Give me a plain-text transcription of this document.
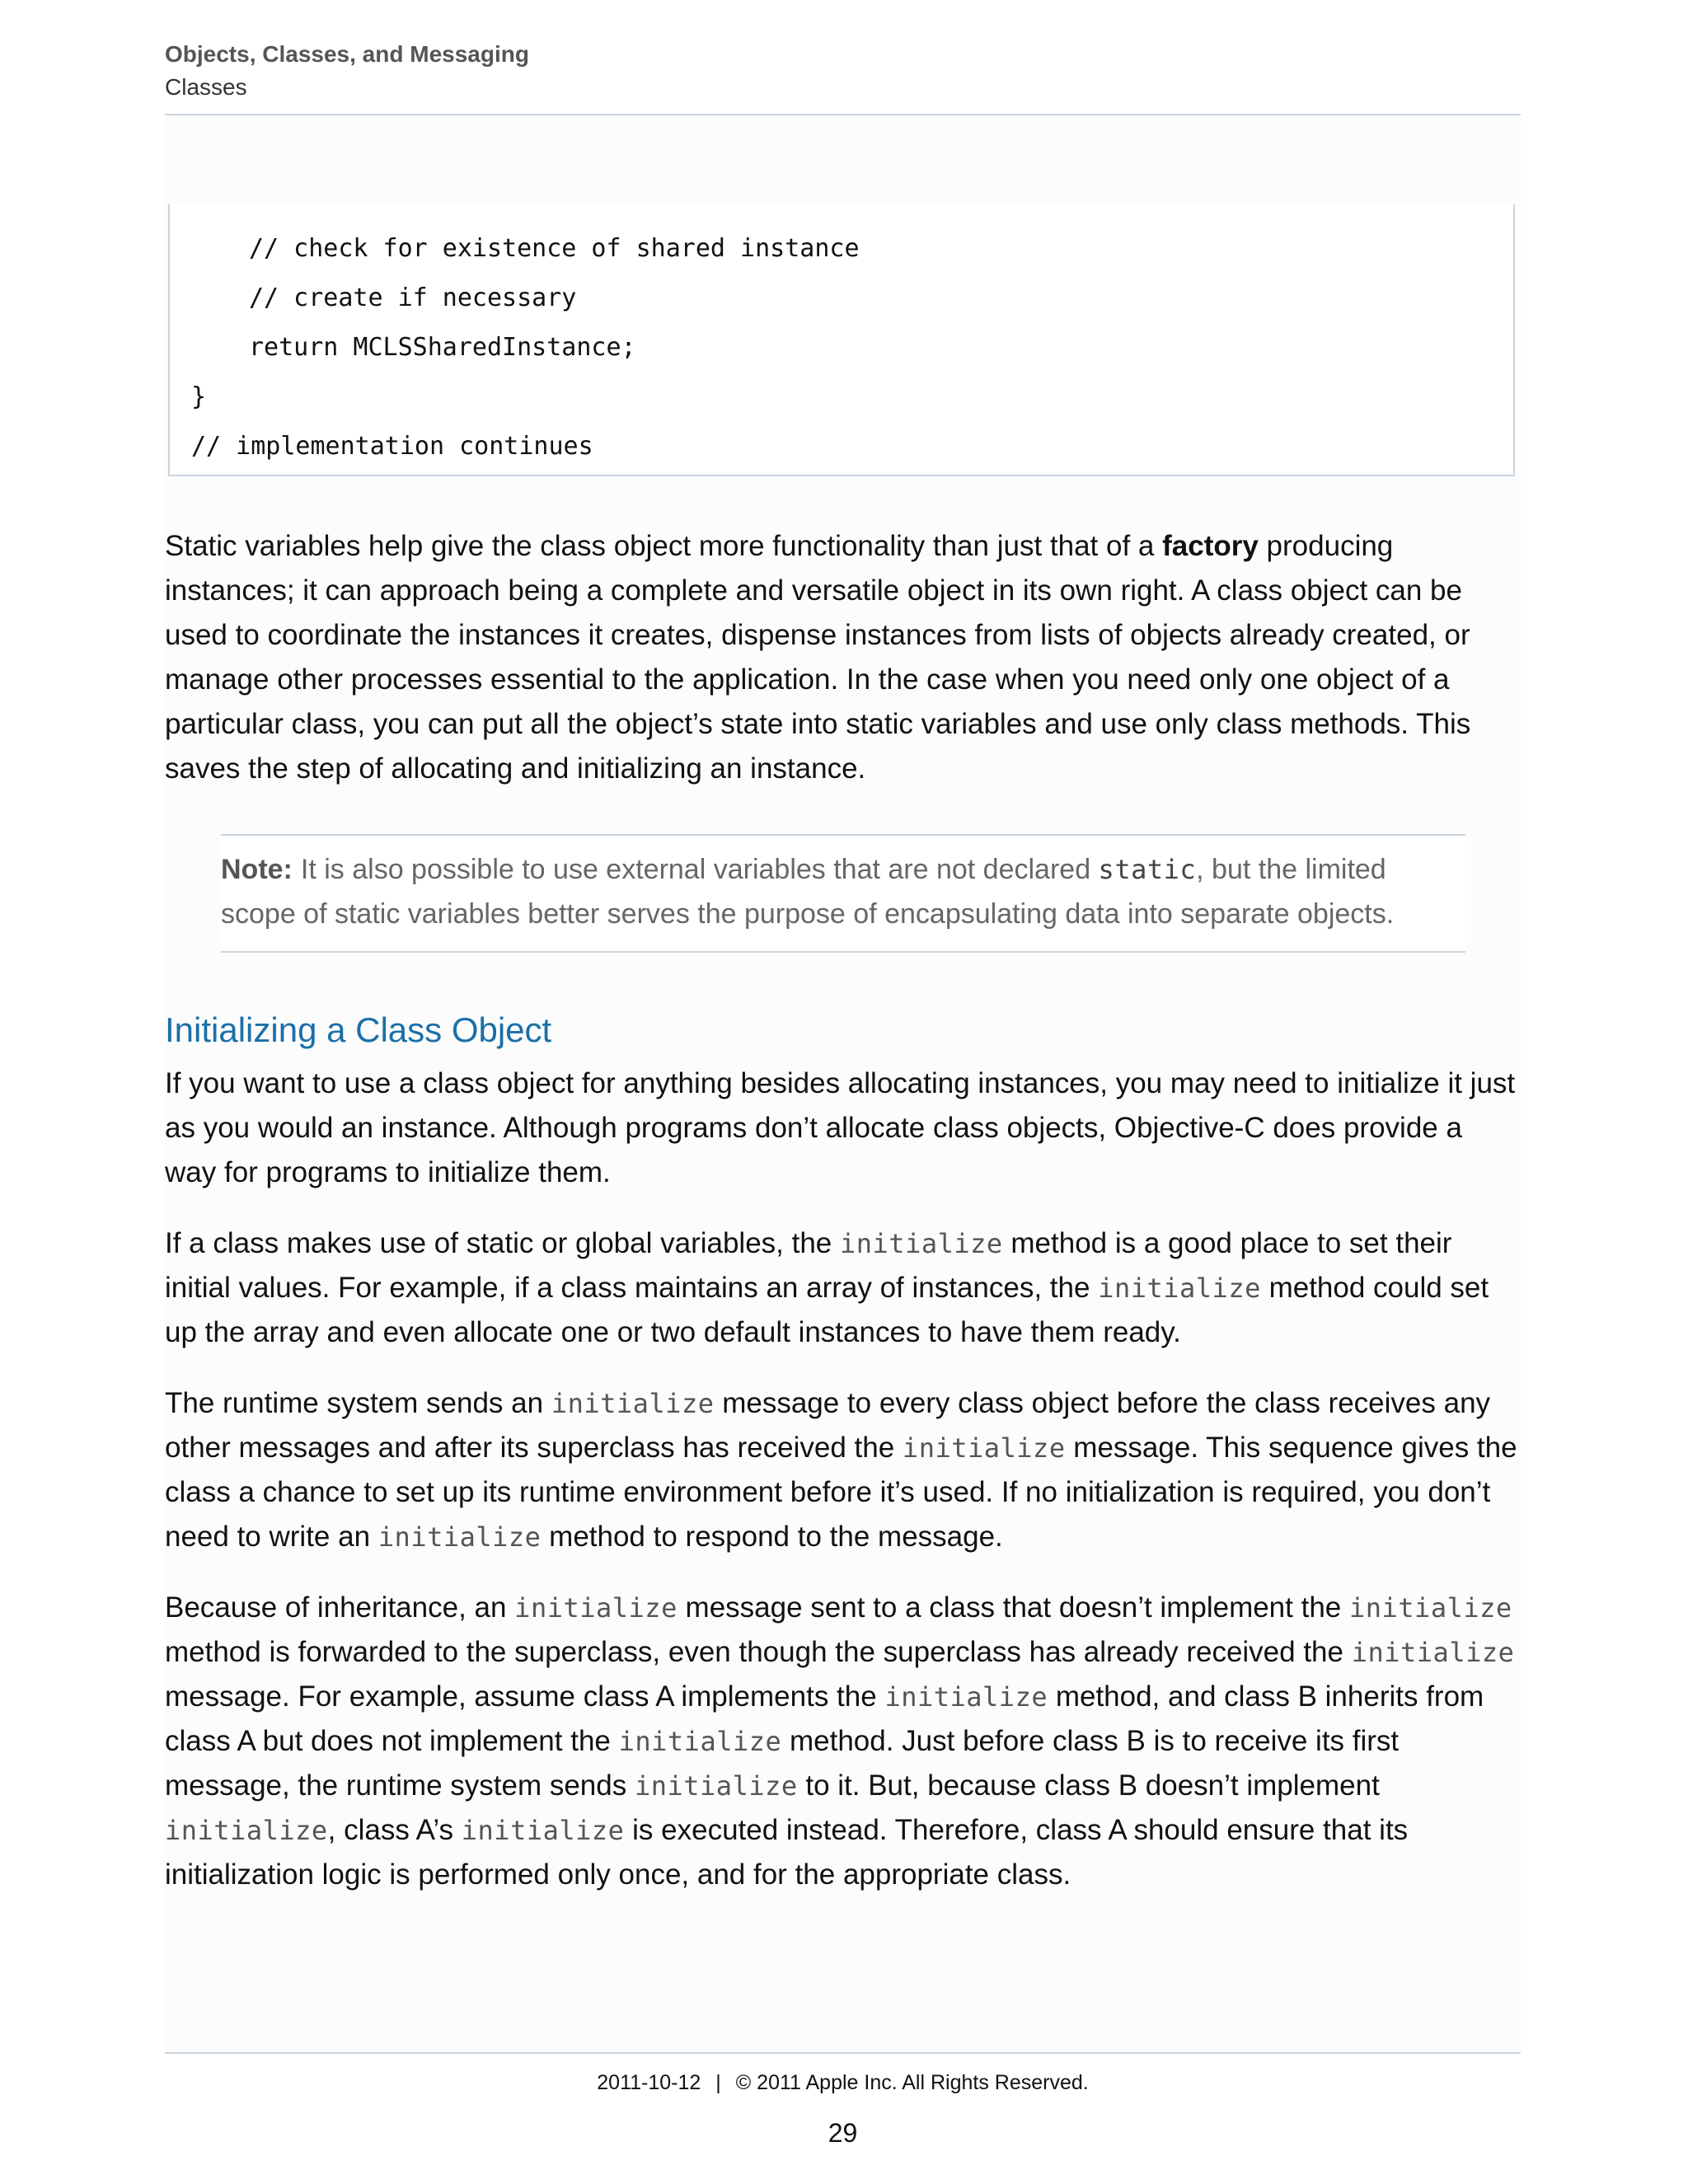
Objects, Classes, and Messaging
Classes
// check for existence of shared instance
// create if necessary
return MCLSSharedInstance;
}
// implementation continues
Static variables help give the class object more functionality than just that of a factory producing instances; it can approach being a complete and versatile object in its own right. A class object can be used to coordinate the instances it creates, dispense instances from lists of objects already created, or manage other processes essential to the application. In the case when you need only one object of a particular class, you can put all the object’s state into static variables and use only class methods. This saves the step of allocating and initializing an instance.
Note: It is also possible to use external variables that are not declared static, but the limited scope of static variables better serves the purpose of encapsulating data into separate objects.
Initializing a Class Object
If you want to use a class object for anything besides allocating instances, you may need to initialize it just as you would an instance. Although programs don’t allocate class objects, Objective-C does provide a way for programs to initialize them.
If a class makes use of static or global variables, the initialize method is a good place to set their initial values. For example, if a class maintains an array of instances, the initialize method could set up the array and even allocate one or two default instances to have them ready.
The runtime system sends an initialize message to every class object before the class receives any other messages and after its superclass has received the initialize message. This sequence gives the class a chance to set up its runtime environment before it’s used. If no initialization is required, you don’t need to write an initialize method to respond to the message.
Because of inheritance, an initialize message sent to a class that doesn’t implement the initialize method is forwarded to the superclass, even though the superclass has already received the initialize message. For example, assume class A implements the initialize method, and class B inherits from class A but does not implement the initialize method. Just before class B is to receive its first message, the runtime system sends initialize to it. But, because class B doesn’t implement initialize, class A’s initialize is executed instead. Therefore, class A should ensure that its initialization logic is performed only once, and for the appropriate class.
2011-10-12 | © 2011 Apple Inc. All Rights Reserved.
29
